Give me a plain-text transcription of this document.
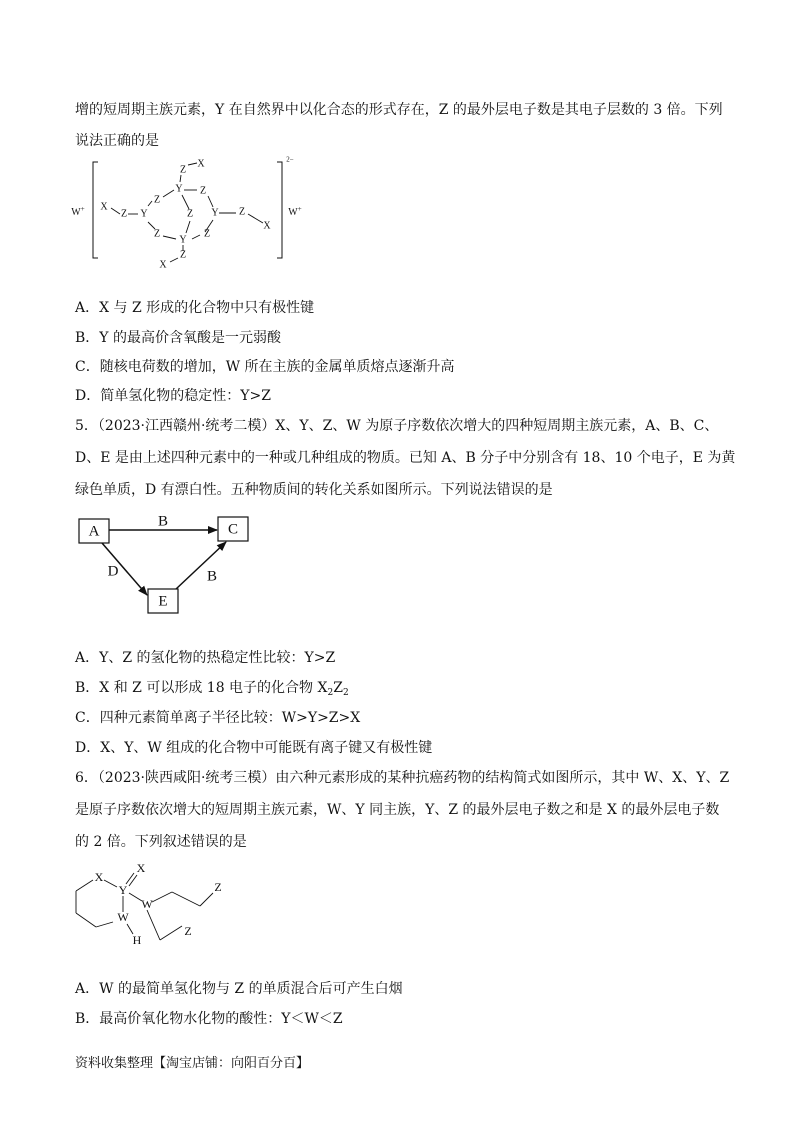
增的短周期主族元素，Y 在自然界中以化合态的形式存在，Z 的最外层电子数是其电子层数的 3 倍。下列
说法正确的是
W+	W+
2−
X
Z
Y
Z
Z
Z Y Z
X
X
Z Y
Z	Z
Y
Z
X
A．X 与 Z 形成的化合物中只有极性键
B．Y 的最高价含氧酸是一元弱酸
C．随核电荷数的增加，W 所在主族的金属单质熔点逐渐升高
D．简单氢化物的稳定性：Y>Z
5．（2023·江西赣州·统考二模）X、Y、Z、W 为原子序数依次增大的四种短周期主族元素，A、B、C、
D、E 是由上述四种元素中的一种或几种组成的物质。已知 A、B 分子中分别含有 18、10 个电子，E 为黄
绿色单质，D 有漂白性。五种物质间的转化关系如图所示。下列说法错误的是
A	C
E
B
D	B
A．Y、Z 的氢化物的热稳定性比较：Y>Z
B．X 和 Z 可以形成 18 电子的化合物 $X_2Z_2$
C．四种元素简单离子半径比较：W>Y>Z>X
D．X、Y、W 组成的化合物中可能既有离子键又有极性键
6．（2023·陕西咸阳·统考三模）由六种元素形成的某种抗癌药物的结构简式如图所示，其中 W、X、Y、Z
是原子序数依次增大的短周期主族元素，W、Y 同主族，Y、Z 的最外层电子数之和是 X 的最外层电子数
的 2 倍。下列叙述错误的是
X
X
Y
W
W
H
Z
Z
A．W 的最简单氢化物与 Z 的单质混合后可产生白烟
B．最高价氧化物水化物的酸性：Y＜W＜Z
资料收集整理【淘宝店铺：向阳百分百】
